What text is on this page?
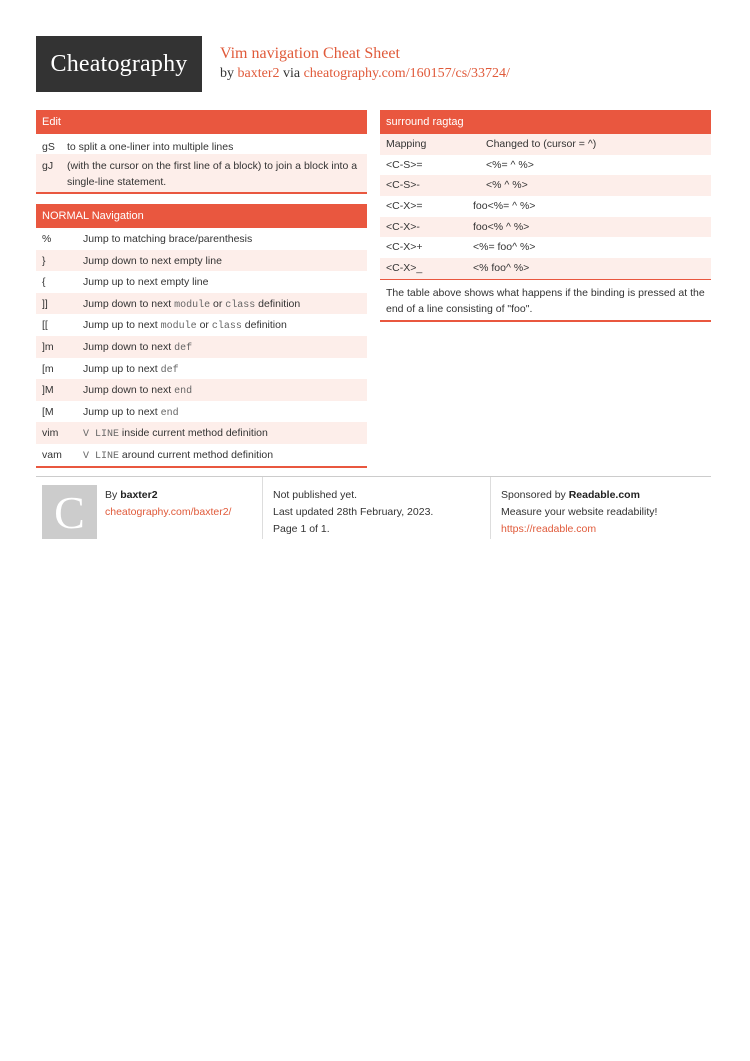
Cheatography Vim navigation Cheat Sheet
by baxter2 via cheatography.com/160157/cs/33724/
Edit
gS	to split a one-liner into multiple lines
gJ	(with the cursor on the first line of a block) to join a block into a single-line statement.
NORMAL Navigation
%	Jump to matching brace/parenthesis
}	Jump down to next empty line
{	Jump up to next empty line
]]	Jump down to next module or class definition
[[	Jump up to next module or class definition
]m	Jump down to next def
[m	Jump up to next def
]M	Jump down to next end
[M	Jump up to next end
vim	V LINE inside current method definition
vam	V LINE around current method definition
surround ragtag
Mapping	Changed to (cursor = ^)
<C-S>=	<%= ^ %>
<C-S>-	<% ^ %>
<C-X>=	foo<%= ^ %>
<C-X>-	foo<% ^ %>
<C-X>+	<%= foo^ %>
<C-X>_	<% foo^ %>
The table above shows what happens if the binding is pressed at the end of a line consisting of "foo".
C By baxter2
cheatography.com/baxter2/
Not published yet.
Last updated 28th February, 2023.
Page 1 of 1.
Sponsored by Readable.com
Measure your website readability!
https://readable.com
